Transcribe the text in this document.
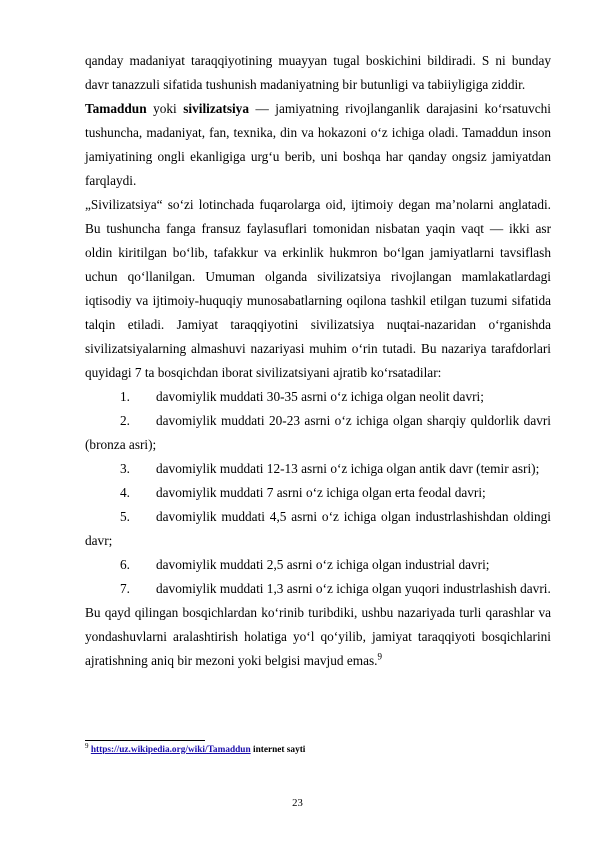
qanday madaniyat taraqqiyotining muayyan tugal boskichini bildiradi. S ni bunday davr tanazzuli sifatida tushunish madaniyatning bir butunligi va tabiiyligiga ziddir.

Tamaddun yoki sivilizatsiya — jamiyatning rivojlanganlik darajasini koʻrsatuvchi tushuncha, madaniyat, fan, texnika, din va hokazoni oʻz ichiga oladi. Tamaddun inson jamiyatining ongli ekanligiga urgʻu berib, uni boshqa har qanday ongsiz jamiyatdan farqlaydi.

„Sivilizatsiya“ soʻzi lotinchada fuqarolarga oid, ijtimoiy degan maʼnolarni anglatadi. Bu tushuncha fanga fransuz faylasuflari tomonidan nisbatan yaqin vaqt — ikki asr oldin kiritilgan boʻlib, tafakkur va erkinlik hukmron boʻlgan jamiyatlarni tavsiflash uchun qoʻllanilgan. Umuman olganda sivilizatsiya rivojlangan mamlakatlardagi iqtisodiy va ijtimoiy-huquqiy munosabatlarning oqilona tashkil etilgan tuzumi sifatida talqin etiladi. Jamiyat taraqqiyotini sivilizatsiya nuqtai-nazaridan oʻrganishda sivilizatsiyalarning almashuvi nazariyasi muhim oʻrin tutadi. Bu nazariya tarafdorlari quyidagi 7 ta bosqichdan iborat sivilizatsiyani ajratib koʻrsatadilar:

1. davomiylik muddati 30-35 asrni oʻz ichiga olgan neolit davri;

2. davomiylik muddati 20-23 asrni oʻz ichiga olgan sharqiy quldorlik davri (bronza asri);

3. davomiylik muddati 12-13 asrni oʻz ichiga olgan antik davr (temir asri);

4. davomiylik muddati 7 asrni oʻz ichiga olgan erta feodal davri;

5. davomiylik muddati 4,5 asrni oʻz ichiga olgan industrlashishdan oldingi davr;

6. davomiylik muddati 2,5 asrni oʻz ichiga olgan industrial davri;

7. davomiylik muddati 1,3 asrni oʻz ichiga olgan yuqori industrlashish davri.

Bu qayd qilingan bosqichlardan koʻrinib turibdiki, ushbu nazariyada turli qarashlar va yondashuvlarni aralashtirish holatiga yoʻl qoʻyilib, jamiyat taraqqiyoti bosqichlarini ajratishning aniq bir mezoni yoki belgisi mavjud emas.$^9$

$^9$ https://uz.wikipedia.org/wiki/Tamaddun internet sayti
23
